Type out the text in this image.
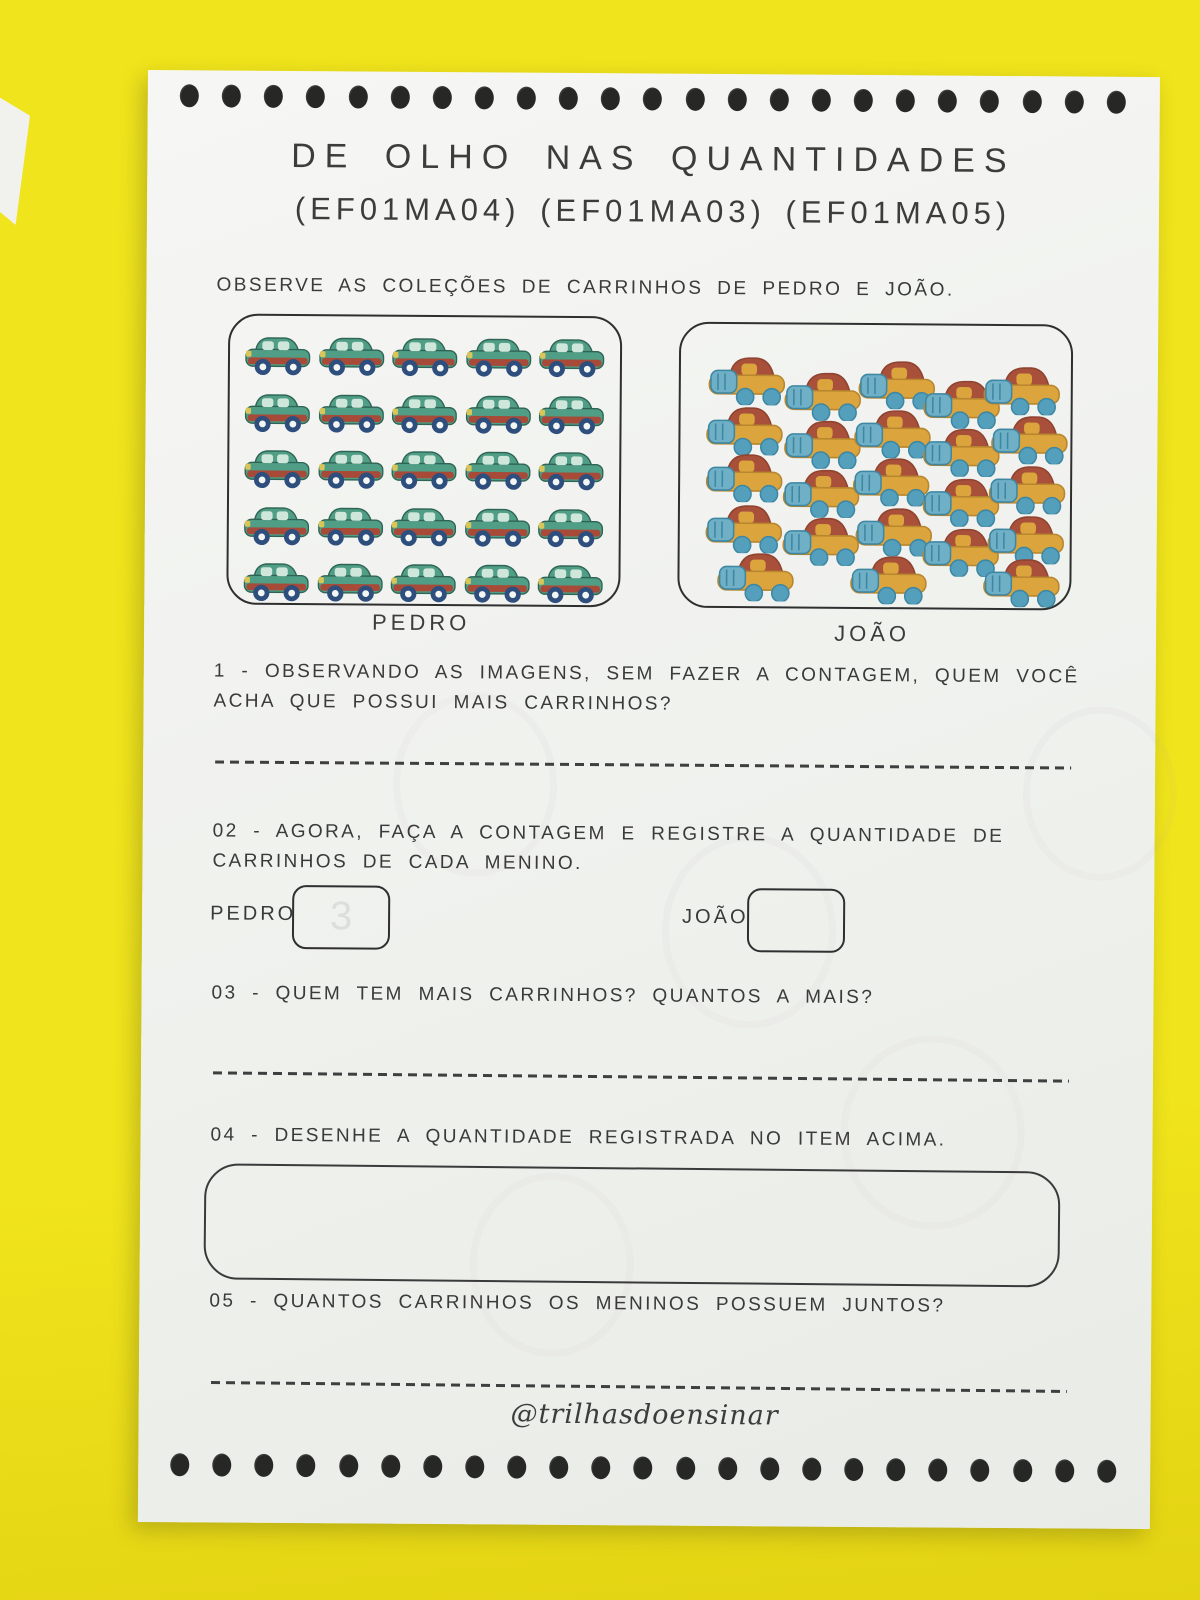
DE OLHO NAS QUANTIDADES
(EF01MA04) (EF01MA03) (EF01MA05)
OBSERVE AS COLEÇÕES DE CARRINHOS DE PEDRO E JOÃO.
PEDRO	JOÃO
1 - OBSERVANDO AS IMAGENS, SEM FAZER A CONTAGEM, QUEM VOCÊ ACHA QUE POSSUI MAIS CARRINHOS?
02 - AGORA, FAÇA A CONTAGEM E REGISTRE A QUANTIDADE DE CARRINHOS DE CADA MENINO.
PEDRO 3	JOÃO
03 - QUEM TEM MAIS CARRINHOS? QUANTOS A MAIS?
04 - DESENHE A QUANTIDADE REGISTRADA NO ITEM ACIMA.
05 - QUANTOS CARRINHOS OS MENINOS POSSUEM JUNTOS?
@trilhasdoensinar
